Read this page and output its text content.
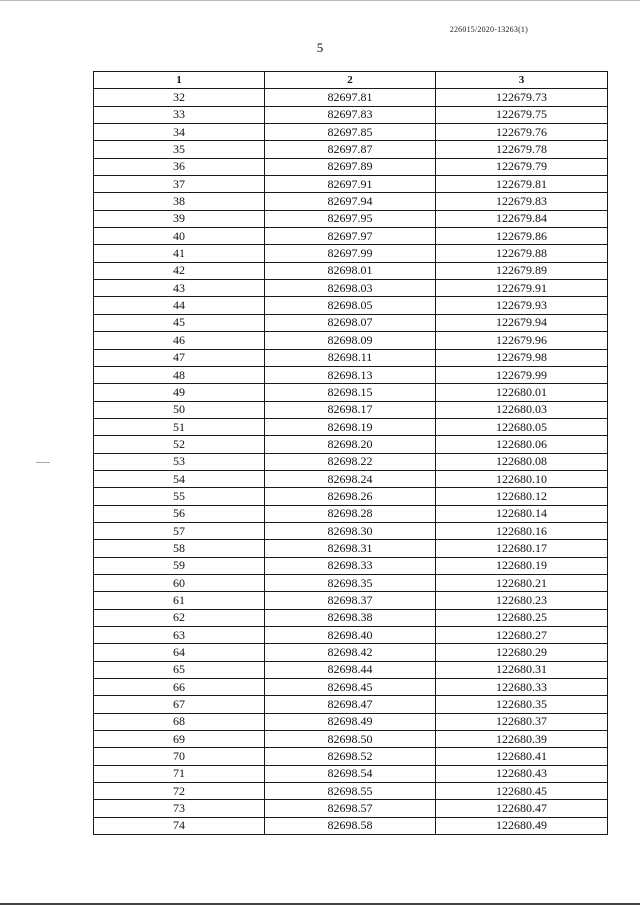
226015/2020-13263(1)
5
1	2	3
32	82697.81	122679.73
33	82697.83	122679.75
34	82697.85	122679.76
35	82697.87	122679.78
36	82697.89	122679.79
37	82697.91	122679.81
38	82697.94	122679.83
39	82697.95	122679.84
40	82697.97	122679.86
41	82697.99	122679.88
42	82698.01	122679.89
43	82698.03	122679.91
44	82698.05	122679.93
45	82698.07	122679.94
46	82698.09	122679.96
47	82698.11	122679.98
48	82698.13	122679.99
49	82698.15	122680.01
50	82698.17	122680.03
51	82698.19	122680.05
52	82698.20	122680.06
53	82698.22	122680.08
54	82698.24	122680.10
55	82698.26	122680.12
56	82698.28	122680.14
57	82698.30	122680.16
58	82698.31	122680.17
59	82698.33	122680.19
60	82698.35	122680.21
61	82698.37	122680.23
62	82698.38	122680.25
63	82698.40	122680.27
64	82698.42	122680.29
65	82698.44	122680.31
66	82698.45	122680.33
67	82698.47	122680.35
68	82698.49	122680.37
69	82698.50	122680.39
70	82698.52	122680.41
71	82698.54	122680.43
72	82698.55	122680.45
73	82698.57	122680.47
74	82698.58	122680.49
